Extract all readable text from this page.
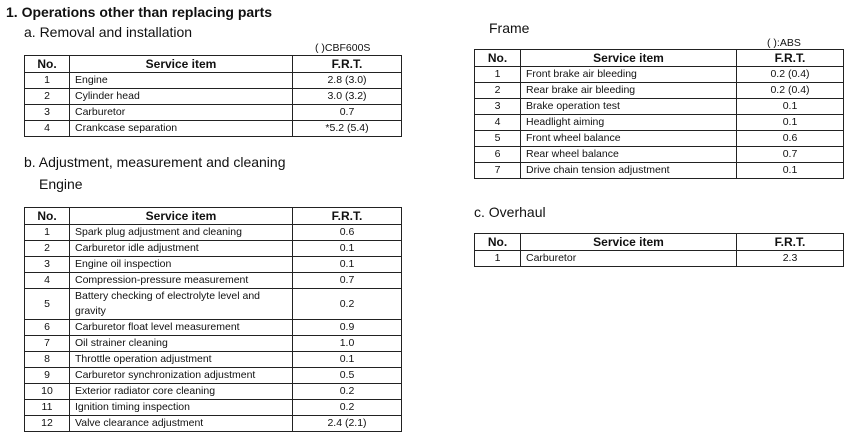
1. Operations other than replacing parts
a. Removal and installation
( )CBF600S
No.	Service item	F.R.T.
1	Engine	2.8 (3.0)
2	Cylinder head	3.0 (3.2)
3	Carburetor	0.7
4	Crankcase separation	*5.2 (5.4)
b. Adjustment, measurement and cleaning
Engine
No.	Service item	F.R.T.
1	Spark plug adjustment and cleaning	0.6
2	Carburetor idle adjustment	0.1
3	Engine oil inspection	0.1
4	Compression-pressure measurement	0.7
5	Battery checking of electrolyte level and gravity	0.2
6	Carburetor float level measurement	0.9
7	Oil strainer cleaning	1.0
8	Throttle operation adjustment	0.1
9	Carburetor synchronization adjustment	0.5
10	Exterior radiator core cleaning	0.2
11	Ignition timing inspection	0.2
12	Valve clearance adjustment	2.4 (2.1)
Frame
( ):ABS
No.	Service item	F.R.T.
1	Front brake air bleeding	0.2 (0.4)
2	Rear brake air bleeding	0.2 (0.4)
3	Brake operation test	0.1
4	Headlight aiming	0.1
5	Front wheel balance	0.6
6	Rear wheel balance	0.7
7	Drive chain tension adjustment	0.1
c. Overhaul
No.	Service item	F.R.T.
1	Carburetor	2.3
